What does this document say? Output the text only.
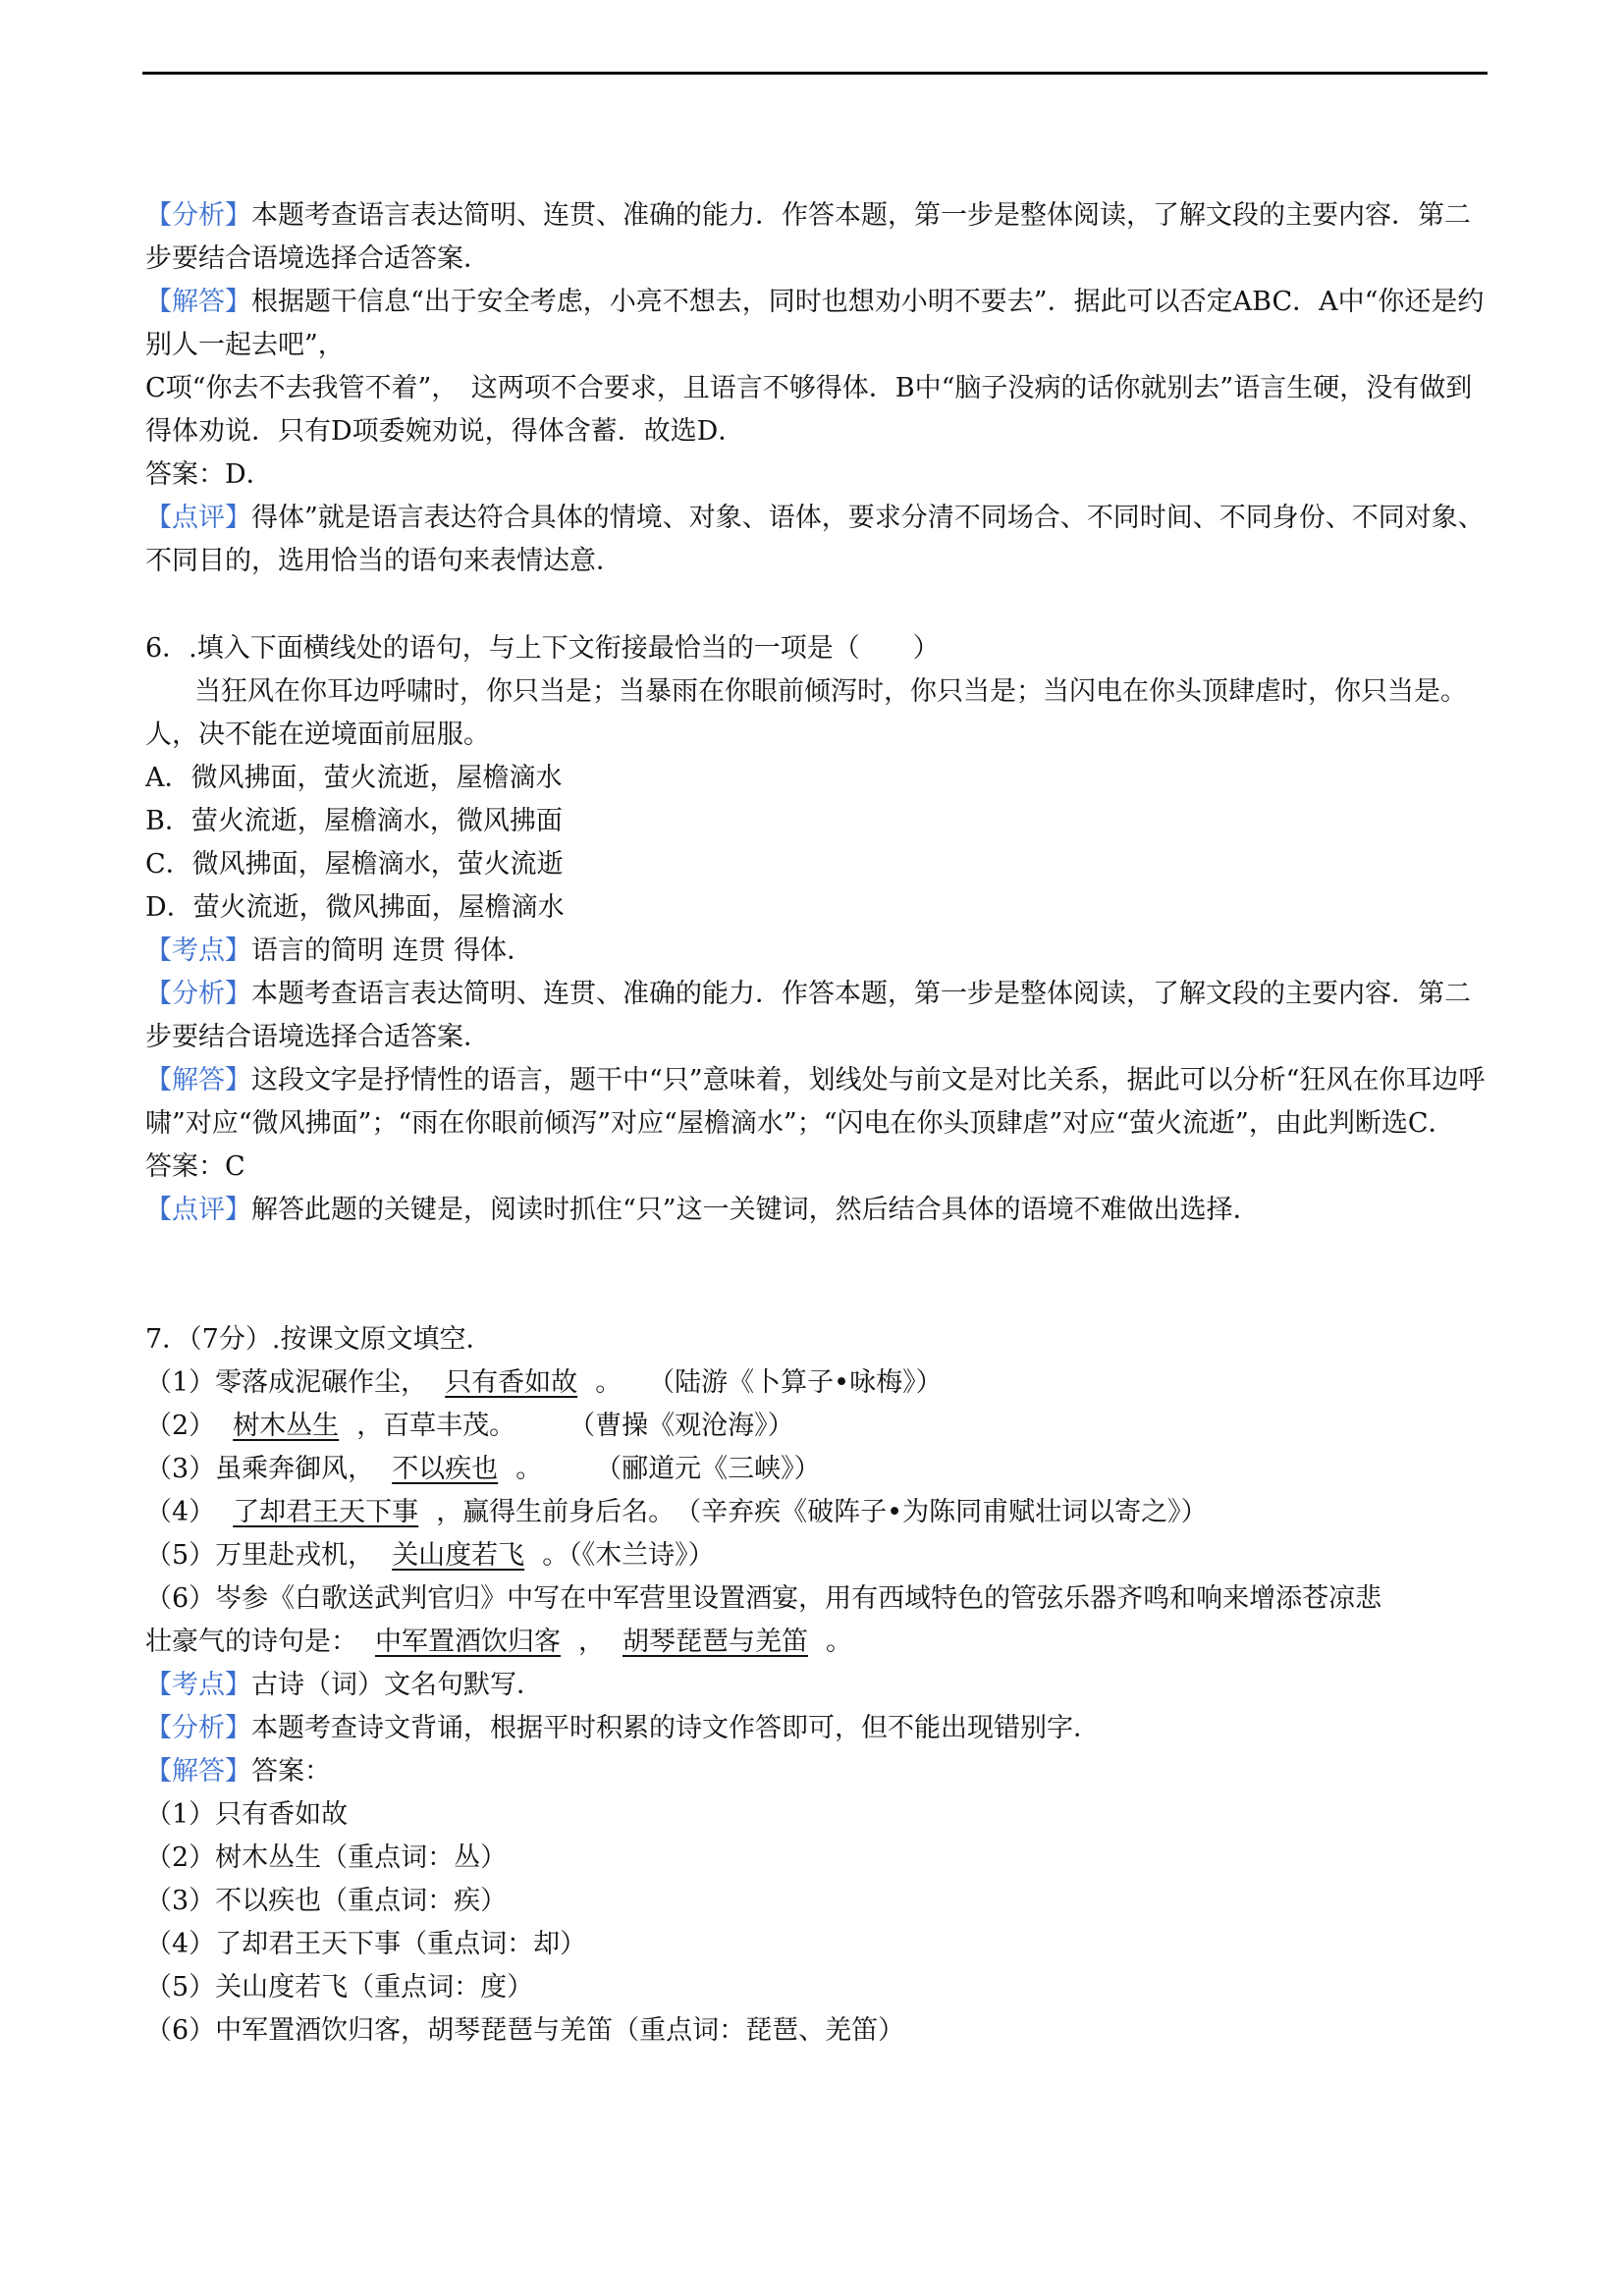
【分析】本题考查语言表达简明、连贯、准确的能力．作答本题，第一步是整体阅读，了解文段的主要内容．第二步要结合语境选择合适答案．

【解答】根据题干信息“出于安全考虑，小亮不想去，同时也想劝小明不要去”．据此可以否定ABC．A中“你还是约别人一起去吧”，

C项“你去不去我管不着”，　这两项不合要求，且语言不够得体．B中“脑子没病的话你就别去”语言生硬，没有做到得体劝说．只有D项委婉劝说，得体含蓄．故选D．

答案：D．

【点评】得体”就是语言表达符合具体的情境、对象、语体，要求分清不同场合、不同时间、不同身份、不同对象、不同目的，选用恰当的语句来表情达意．

6．.填入下面横线处的语句，与上下文衔接最恰当的一项是（　　）

当狂风在你耳边呼啸时，你只当是；当暴雨在你眼前倾泻时，你只当是；当闪电在你头顶肆虐时，你只当是。人，决不能在逆境面前屈服。

A．微风拂面，萤火流逝，屋檐滴水

B．萤火流逝，屋檐滴水，微风拂面

C．微风拂面，屋檐滴水，萤火流逝

D．萤火流逝，微风拂面，屋檐滴水

【考点】语言的简明 连贯 得体．

【分析】本题考查语言表达简明、连贯、准确的能力．作答本题，第一步是整体阅读，了解文段的主要内容．第二步要结合语境选择合适答案．

【解答】这段文字是抒情性的语言，题干中“只”意味着，划线处与前文是对比关系，据此可以分析“狂风在你耳边呼啸”对应“微风拂面”；“雨在你眼前倾泻”对应“屋檐滴水”；“闪电在你头顶肆虐”对应“萤火流逝”，由此判断选C．

答案：C

【点评】解答此题的关键是，阅读时抓住“只”这一关键词，然后结合具体的语境不难做出选择．

7．（7分）.按课文原文填空．

（1）零落成泥碾作尘， 只有香如故 。　　（陆游《卜算子•咏梅》）

（2） 树木丛生 ，百草丰茂。　　　（曹操《观沧海》）

（3）虽乘奔御风， 不以疾也 。　　　（郦道元《三峡》）

（4） 了却君王天下事 ，赢得生前身后名。　（辛弃疾《破阵子•为陈同甫赋壮词以寄之》）

（5）万里赴戎机， 关山度若飞 。（《木兰诗》）

（6）岑参《白歌送武判官归》中写在中军营里设置酒宴，用有西域特色的管弦乐器齐鸣和响来增添苍凉悲

壮豪气的诗句是： 中军置酒饮归客 ， 胡琴琵琶与羌笛 。

【考点】古诗（词）文名句默写．

【分析】本题考查诗文背诵，根据平时积累的诗文作答即可，但不能出现错别字．

【解答】答案：

（1）只有香如故

（2）树木丛生（重点词：丛）

（3）不以疾也（重点词：疾）

（4）了却君王天下事（重点词：却）

（5）关山度若飞（重点词：度）

（6）中军置酒饮归客，胡琴琵琶与羌笛（重点词：琵琶、羌笛）
